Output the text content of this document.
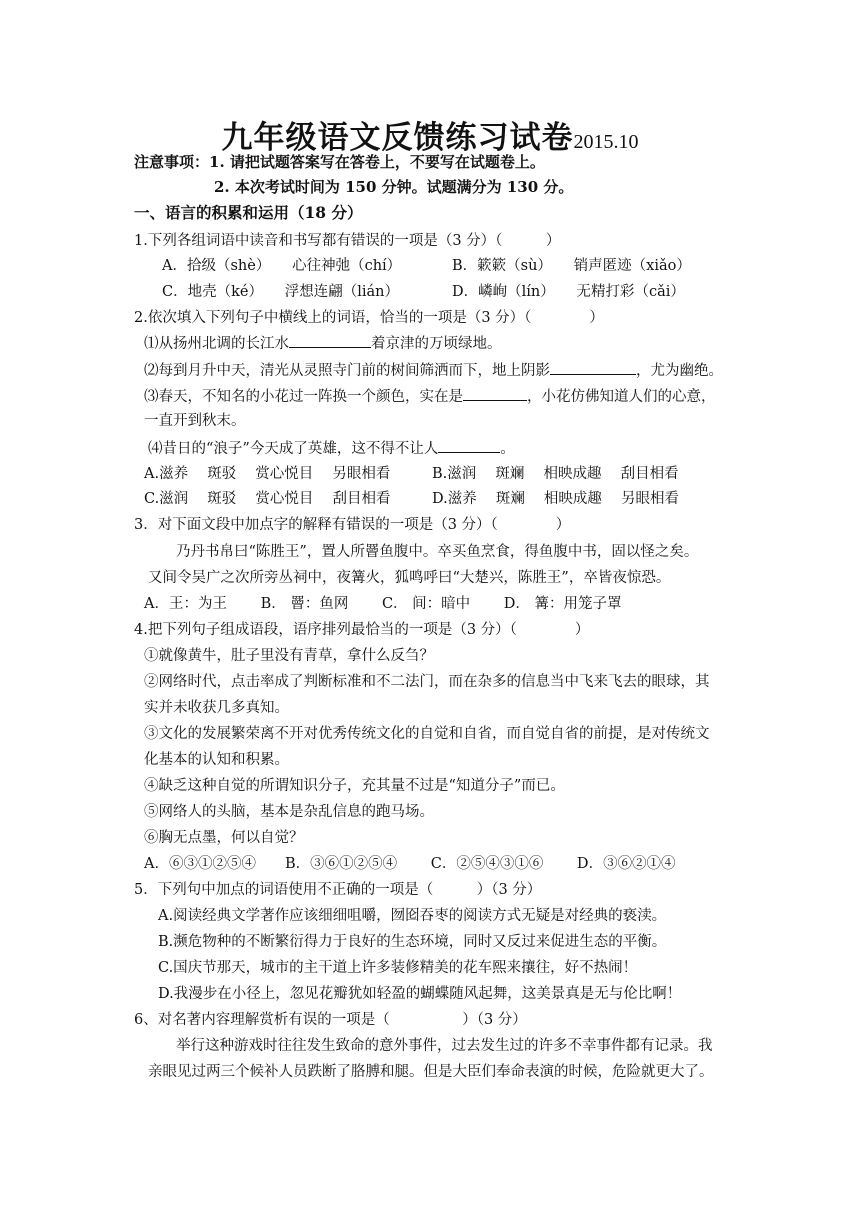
九年级语文反馈练习试卷2015.10
注意事项：1. 请把试题答案写在答卷上，不要写在试题卷上。
2. 本次考试时间为 150 分钟。试题满分为 130 分。
一、语言的积累和运用（18 分）
1.下列各组词语中读音和书写都有错误的一项是（3 分）（　　　）
A．拾级（shè）　　心往神弛（chí）	B．簌簌（sù）　　销声匿迹（xiǎo）
C．地壳（ké）　　浮想连翩（lián）	D．嶙峋（lín）　　无精打彩（cǎi）
2.依次填入下列句子中横线上的词语，恰当的一项是（3 分）（　　　　）
⑴从扬州北调的长江水	着京津的万顷绿地。
⑵每到月升中天，清光从灵照寺门前的树间筛洒而下，地上阴影	，尤为幽绝。
⑶春天，不知名的小花过一阵换一个颜色，实在是	，小花仿佛知道人们的心意，
一直开到秋末。
⑷昔日的“浪子”今天成了英雄，这不得不让人	。
A.滋养　 斑驳　 赏心悦目　 另眼相看	B.滋润　 斑斓　 相映成趣　 刮目相看
C.滋润　 斑驳　 赏心悦目　 刮目相看	D.滋养　 斑斓　 相映成趣　 另眼相看
3．对下面文段中加点字的解释有错误的一项是（3 分）（　　　　）
乃丹书帛曰“陈胜王”，置人所罾鱼腹中。卒买鱼烹食，得鱼腹中书，固以怪之矣。
又间令吴广之次所旁丛祠中，夜篝火，狐鸣呼曰“大楚兴，陈胜王”，卒皆夜惊恐。
A．王：为王　　 B． 罾：鱼网　　 C． 间：暗中　　 D． 篝：用笼子罩
4.把下列句子组成语段，语序排列最恰当的一项是（3 分）（　　　　）
①就像黄牛，肚子里没有青草，拿什么反刍？
②网络时代，点击率成了判断标准和不二法门，而在杂多的信息当中飞来飞去的眼球，其
实并未收获几多真知。
③文化的发展繁荣离不开对优秀传统文化的自觉和自省，而自觉自省的前提，是对传统文
化基本的认知和积累。
④缺乏这种自觉的所谓知识分子，充其量不过是“知道分子”而已。
⑤网络人的头脑，基本是杂乱信息的跑马场。
⑥胸无点墨，何以自觉？
A．⑥③①②⑤④　　B．③⑥①②⑤④　　 C．②⑤④③①⑥　　 D．③⑥②①④
5．下列句中加点的词语使用不正确的一项是（　　　）（3 分）
A.阅读经典文学著作应该细细咀嚼，囫囵吞枣的阅读方式无疑是对经典的亵渎。
B.濒危物种的不断繁衍得力于良好的生态环境，同时又反过来促进生态的平衡。
C.国庆节那天，城市的主干道上许多装修精美的花车熙来攘往，好不热闹！
D.我漫步在小径上，忽见花瓣犹如轻盈的蝴蝶随风起舞，这美景真是无与伦比啊！
6、对名著内容理解赏析有误的一项是（　　　　　）（3 分）
举行这种游戏时往往发生致命的意外事件，过去发生过的许多不幸事件都有记录。我
亲眼见过两三个候补人员跌断了胳膊和腿。但是大臣们奉命表演的时候，危险就更大了。
